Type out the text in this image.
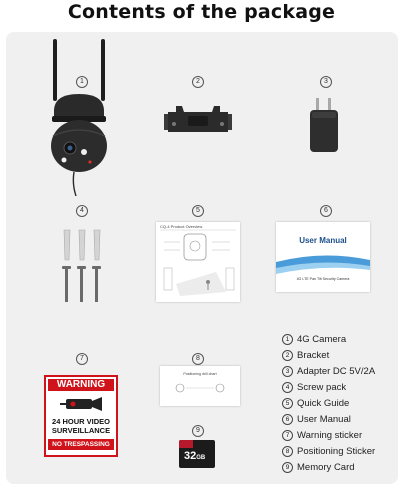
Contents of the package
1	2	3
4	5	6
7	8
9
CQ-4 Product Overview
User Manual
4G LTE Pan Tilt Security Camera
WARNING
24 HOUR VIDEO
SURVEILLANCE
NO TRESPASSING
Positioning drill chart
32GB
1 4G Camera
2 Bracket
3 Adapter DC 5V/2A
4 Screw pack
5 Quick Guide
6 User Manual
7 Warning sticker
8 Positioning Sticker
9 Memory Card
